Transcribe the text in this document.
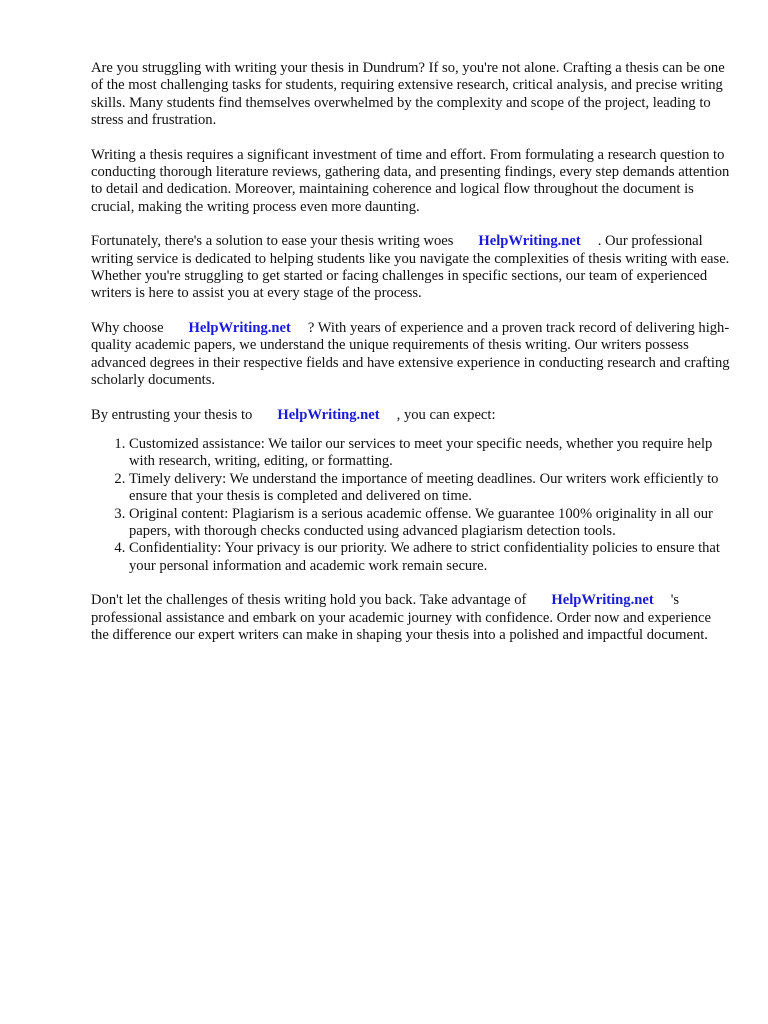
Are you struggling with writing your thesis in Dundrum? If so, you're not alone. Crafting a thesis can be one of the most challenging tasks for students, requiring extensive research, critical analysis, and precise writing skills. Many students find themselves overwhelmed by the complexity and scope of the project, leading to stress and frustration.

Writing a thesis requires a significant investment of time and effort. From formulating a research question to conducting thorough literature reviews, gathering data, and presenting findings, every step demands attention to detail and dedication. Moreover, maintaining coherence and logical flow throughout the document is crucial, making the writing process even more daunting.

Fortunately, there's a solution to ease your thesis writing woes HelpWriting.net . Our professional writing service is dedicated to helping students like you navigate the complexities of thesis writing with ease. Whether you're struggling to get started or facing challenges in specific sections, our team of experienced writers is here to assist you at every stage of the process.

Why choose HelpWriting.net ? With years of experience and a proven track record of delivering high-quality academic papers, we understand the unique requirements of thesis writing. Our writers possess advanced degrees in their respective fields and have extensive experience in conducting research and crafting scholarly documents.

By entrusting your thesis to HelpWriting.net , you can expect:

1. Customized assistance: We tailor our services to meet your specific needs, whether you require help with research, writing, editing, or formatting.
2. Timely delivery: We understand the importance of meeting deadlines. Our writers work efficiently to ensure that your thesis is completed and delivered on time.
3. Original content: Plagiarism is a serious academic offense. We guarantee 100% originality in all our papers, with thorough checks conducted using advanced plagiarism detection tools.
4. Confidentiality: Your privacy is our priority. We adhere to strict confidentiality policies to ensure that your personal information and academic work remain secure.

Don't let the challenges of thesis writing hold you back. Take advantage of HelpWriting.net 's professional assistance and embark on your academic journey with confidence. Order now and experience the difference our expert writers can make in shaping your thesis into a polished and impactful document.
